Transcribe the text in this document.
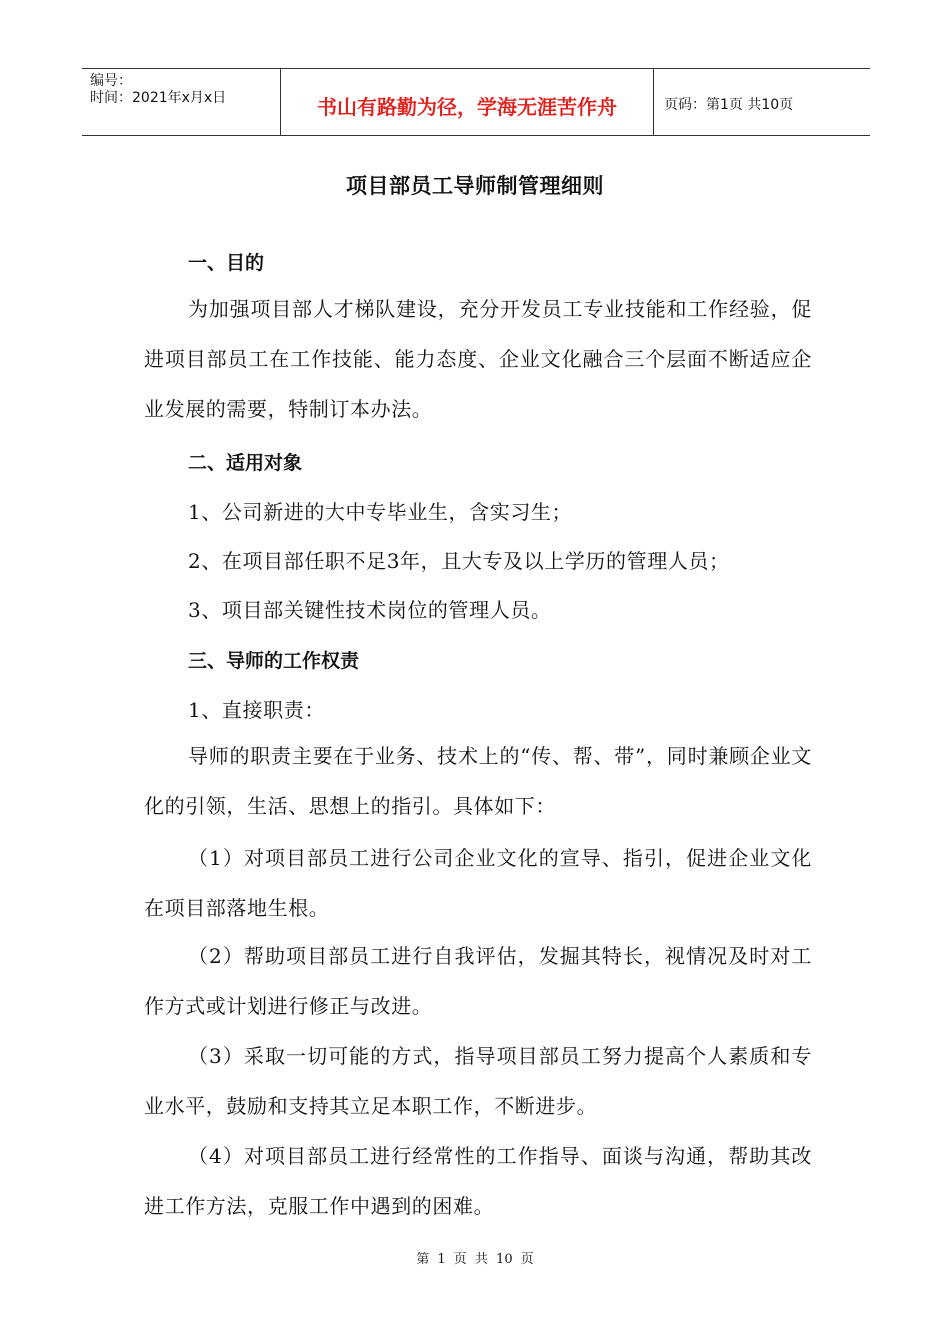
编号：
时间：2021年x月x日	书山有路勤为径，学海无涯苦作舟	页码：第1页 共10页
项目部员工导师制管理细则
一、目的
为加强项目部人才梯队建设，充分开发员工专业技能和工作经验，促进项目部员工在工作技能、能力态度、企业文化融合三个层面不断适应企业发展的需要，特制订本办法。
二、适用对象
1、公司新进的大中专毕业生，含实习生；
2、在项目部任职不足3年，且大专及以上学历的管理人员；
3、项目部关键性技术岗位的管理人员。
三、导师的工作权责
1、直接职责：
导师的职责主要在于业务、技术上的“传、帮、带”，同时兼顾企业文化的引领，生活、思想上的指引。具体如下：
（1）对项目部员工进行公司企业文化的宣导、指引，促进企业文化在项目部落地生根。
（2）帮助项目部员工进行自我评估，发掘其特长，视情况及时对工作方式或计划进行修正与改进。
（3）采取一切可能的方式，指导项目部员工努力提高个人素质和专业水平，鼓励和支持其立足本职工作，不断进步。
（4）对项目部员工进行经常性的工作指导、面谈与沟通，帮助其改进工作方法，克服工作中遇到的困难。
第 1 页 共 10 页
